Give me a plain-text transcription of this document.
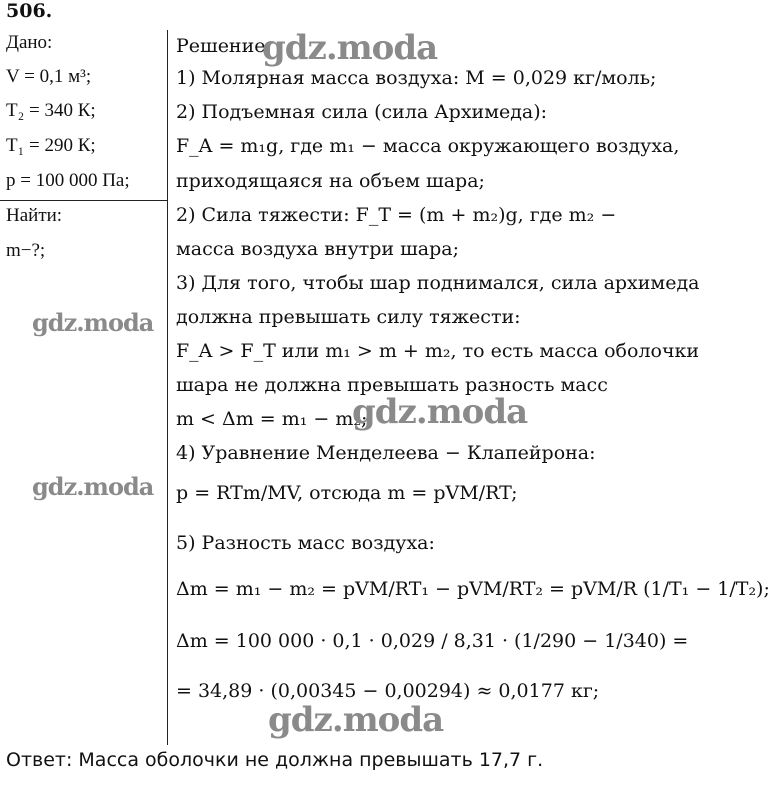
506.
Дано:
V = 0,1 м³;
T₂ = 340 К;
T₁ = 290 К;
p = 100 000 Па;
Найти:
m−?;
Решение:
1) Молярная масса воздуха: M = 0,029 кг/моль;
2) Подъемная сила (сила Архимеда):
F_A = m₁g, где m₁ − масса окружающего воздуха,
приходящаяся на объем шара;
2) Сила тяжести: F_T = (m + m₂)g, где m₂ −
масса воздуха внутри шара;
3) Для того, чтобы шар поднимался, сила архимеда
должна превышать силу тяжести:
F_A > F_T или m₁ > m + m₂, то есть масса оболочки
шара не должна превышать разность масс
m < Δm = m₁ − m₂;
4) Уравнение Менделеева − Клапейрона:
p = RTm/MV, отсюда m = pVM/RT;
5) Разность масс воздуха:
Δm = m₁ − m₂ = pVM/RT₁ − pVM/RT₂ = pVM/R (1/T₁ − 1/T₂);
Δm = 100 000 · 0,1 · 0,029 / 8,31 · (1/290 − 1/340) =
= 34,89 · (0,00345 − 0,00294) ≈ 0,0177 кг;
gdz.moda
gdz.moda
gdz.moda
gdz.moda
gdz.moda
Ответ: Масса оболочки не должна превышать 17,7 г.
